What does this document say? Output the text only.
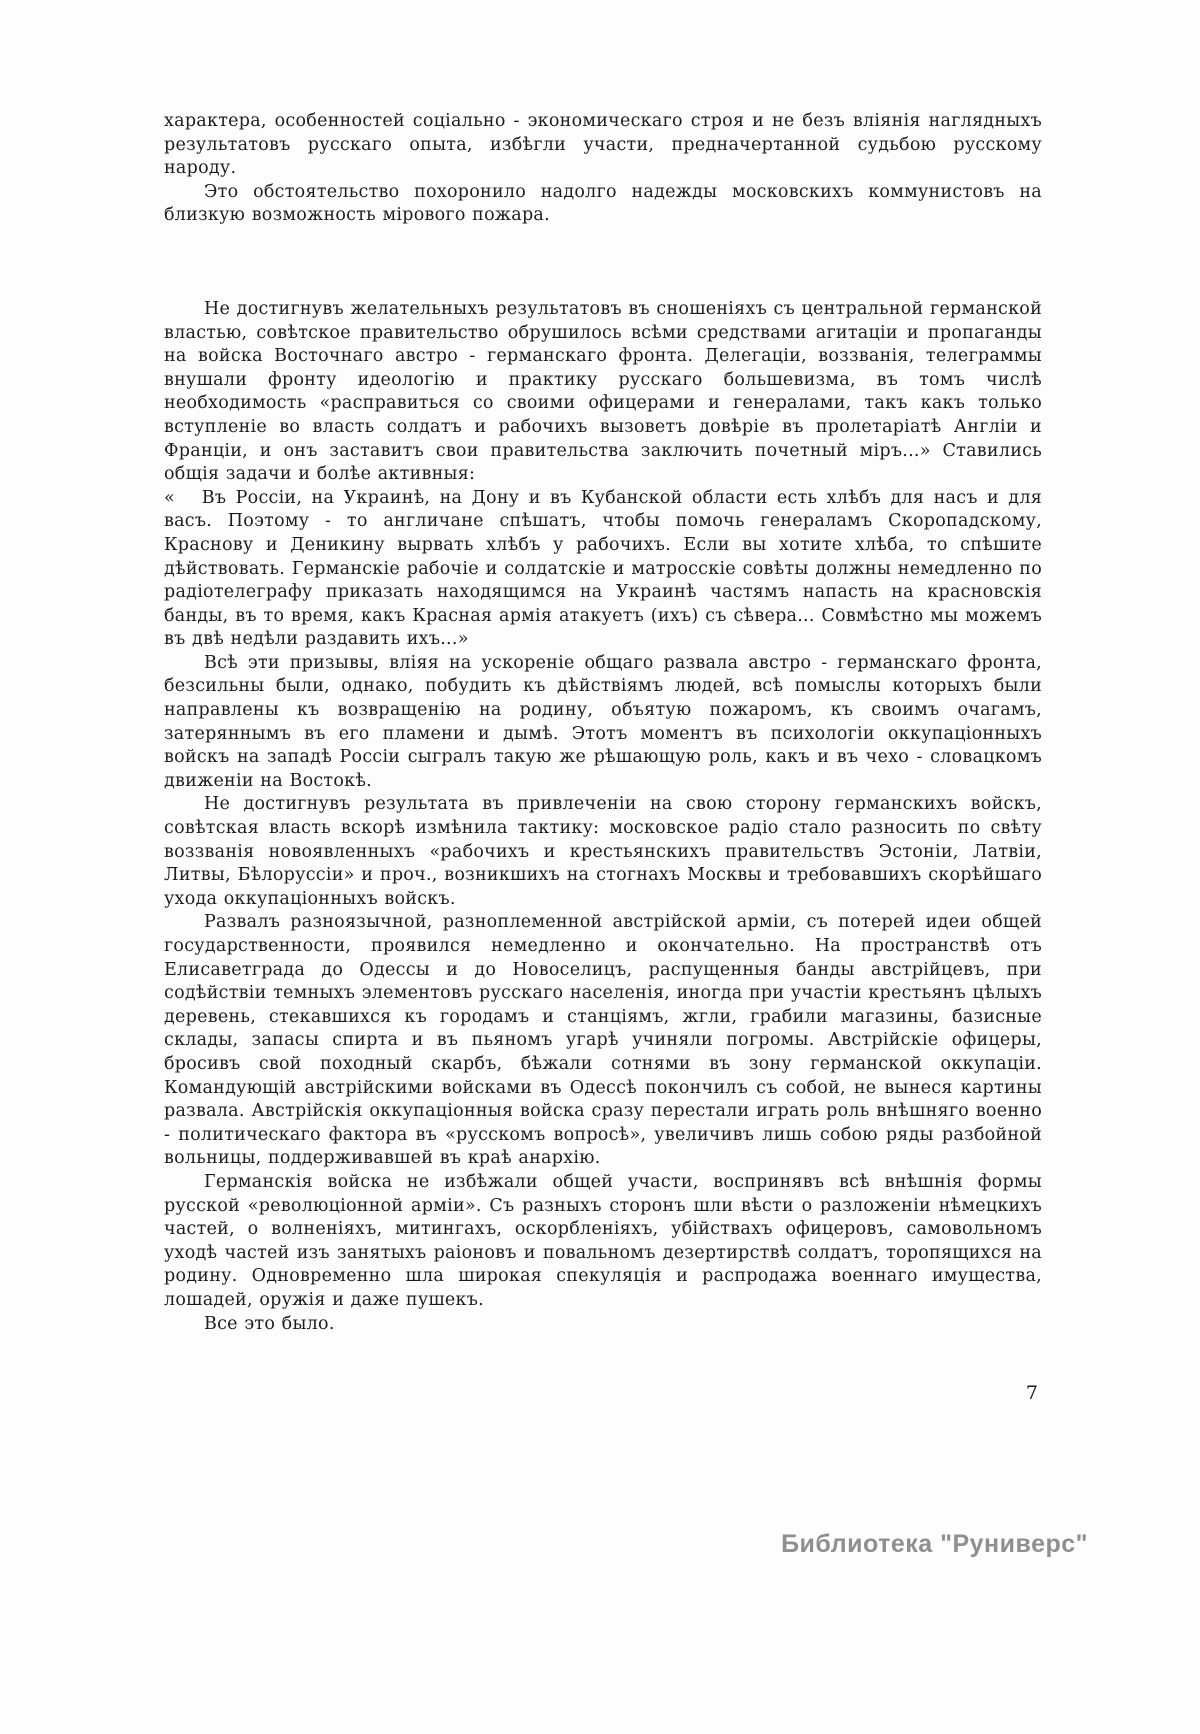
характера, особенностей соціально - экономическаго строя и не безъ вліянія наглядныхъ результатовъ русскаго опыта, избѣгли участи, предначертанной судьбою русскому народу.

Это обстоятельство похоронило надолго надежды московскихъ коммунистовъ на близкую возможность мірового пожара.

Не достигнувъ желательныхъ результатовъ въ сношеніяхъ съ центральной германской властью, совѣтское правительство обрушилось всѣми средствами агитаціи и пропаганды на войска Восточнаго австро - германскаго фронта. Делегаціи, воззванія, телеграммы внушали фронту идеологію и практику русскаго большевизма, въ томъ числѣ необходимость «расправиться со своими офицерами и генералами, такъ какъ только вступленіе во власть солдатъ и рабочихъ вызоветъ довѣріе въ пролетаріатѣ Англіи и Франціи, и онъ заставитъ свои правительства заключить почетный міръ...» Ставились общія задачи и болѣе активныя:

«  Въ Россіи, на Украинѣ, на Дону и въ Кубанской области есть хлѣбъ для насъ и для васъ. Поэтому - то англичане спѣшатъ, чтобы помочь генераламъ Скоропадскому, Краснову и Деникину вырвать хлѣбъ у рабочихъ. Если вы хотите хлѣба, то спѣшите дѣйствовать. Германскіе рабочіе и солдатскіе и матросскіе совѣты должны немедленно по радіотелеграфу приказать находящимся на Украинѣ частямъ напасть на красновскія банды, въ то время, какъ Красная армія атакуетъ (ихъ) съ сѣвера... Совмѣстно мы можемъ въ двѣ недѣли раздавить ихъ...»

Всѣ эти призывы, вліяя на ускореніе общаго развала австро - германскаго фронта, безсильны были, однако, побудить къ дѣйствіямъ людей, всѣ помыслы которыхъ были направлены къ возвращенію на родину, объятую пожаромъ, къ своимъ очагамъ, затеряннымъ въ его пламени и дымѣ. Этотъ моментъ въ психологіи оккупаціонныхъ войскъ на западѣ Россіи сыгралъ такую же рѣшающую роль, какъ и въ чехо - словацкомъ движеніи на Востокѣ.

Не достигнувъ результата въ привлеченіи на свою сторону германскихъ войскъ, совѣтская власть вскорѣ измѣнила тактику: московское радіо стало разносить по свѣту воззванія новоявленныхъ «рабочихъ и крестьянскихъ правительствъ Эстоніи, Латвіи, Литвы, Бѣлоруссіи» и проч., возникшихъ на стогнахъ Москвы и требовавшихъ скорѣйшаго ухода оккупаціонныхъ войскъ.

Развалъ разноязычной, разноплеменной австрійской арміи, съ потерей идеи общей государственности, проявился немедленно и окончательно. На пространствѣ отъ Елисаветграда до Одессы и до Новоселицъ, распущенныя банды австрійцевъ, при содѣйствіи темныхъ элементовъ русскаго населенія, иногда при участіи крестьянъ цѣлыхъ деревень, стекавшихся къ городамъ и станціямъ, жгли, грабили магазины, базисные склады, запасы спирта и въ пьяномъ угарѣ учиняли погромы. Австрійскіе офицеры, бросивъ свой походный скарбъ, бѣжали сотнями въ зону германской оккупаціи. Командующій австрійскими войсками въ Одессѣ покончилъ съ собой, не вынеся картины развала. Австрійскія оккупаціонныя войска сразу перестали играть роль внѣшняго военно - политическаго фактора въ «русскомъ вопросѣ», увеличивъ лишь собою ряды разбойной вольницы, поддерживавшей въ краѣ анархію.

Германскія войска не избѣжали общей участи, воспринявъ всѣ внѣшнія формы русской «революціонной арміи». Съ разныхъ сторонъ шли вѣсти о разложеніи нѣмецкихъ частей, о волненіяхъ, митингахъ, оскорбленіяхъ, убійствахъ офицеровъ, самовольномъ уходѣ частей изъ занятыхъ раіоновъ и повальномъ дезертирствѣ солдатъ, торопящихся на родину. Одновременно шла широкая спекуляція и распродажа военнаго имущества, лошадей, оружія и даже пушекъ.

Все это было.

7
Библиотека "Руниверс"
